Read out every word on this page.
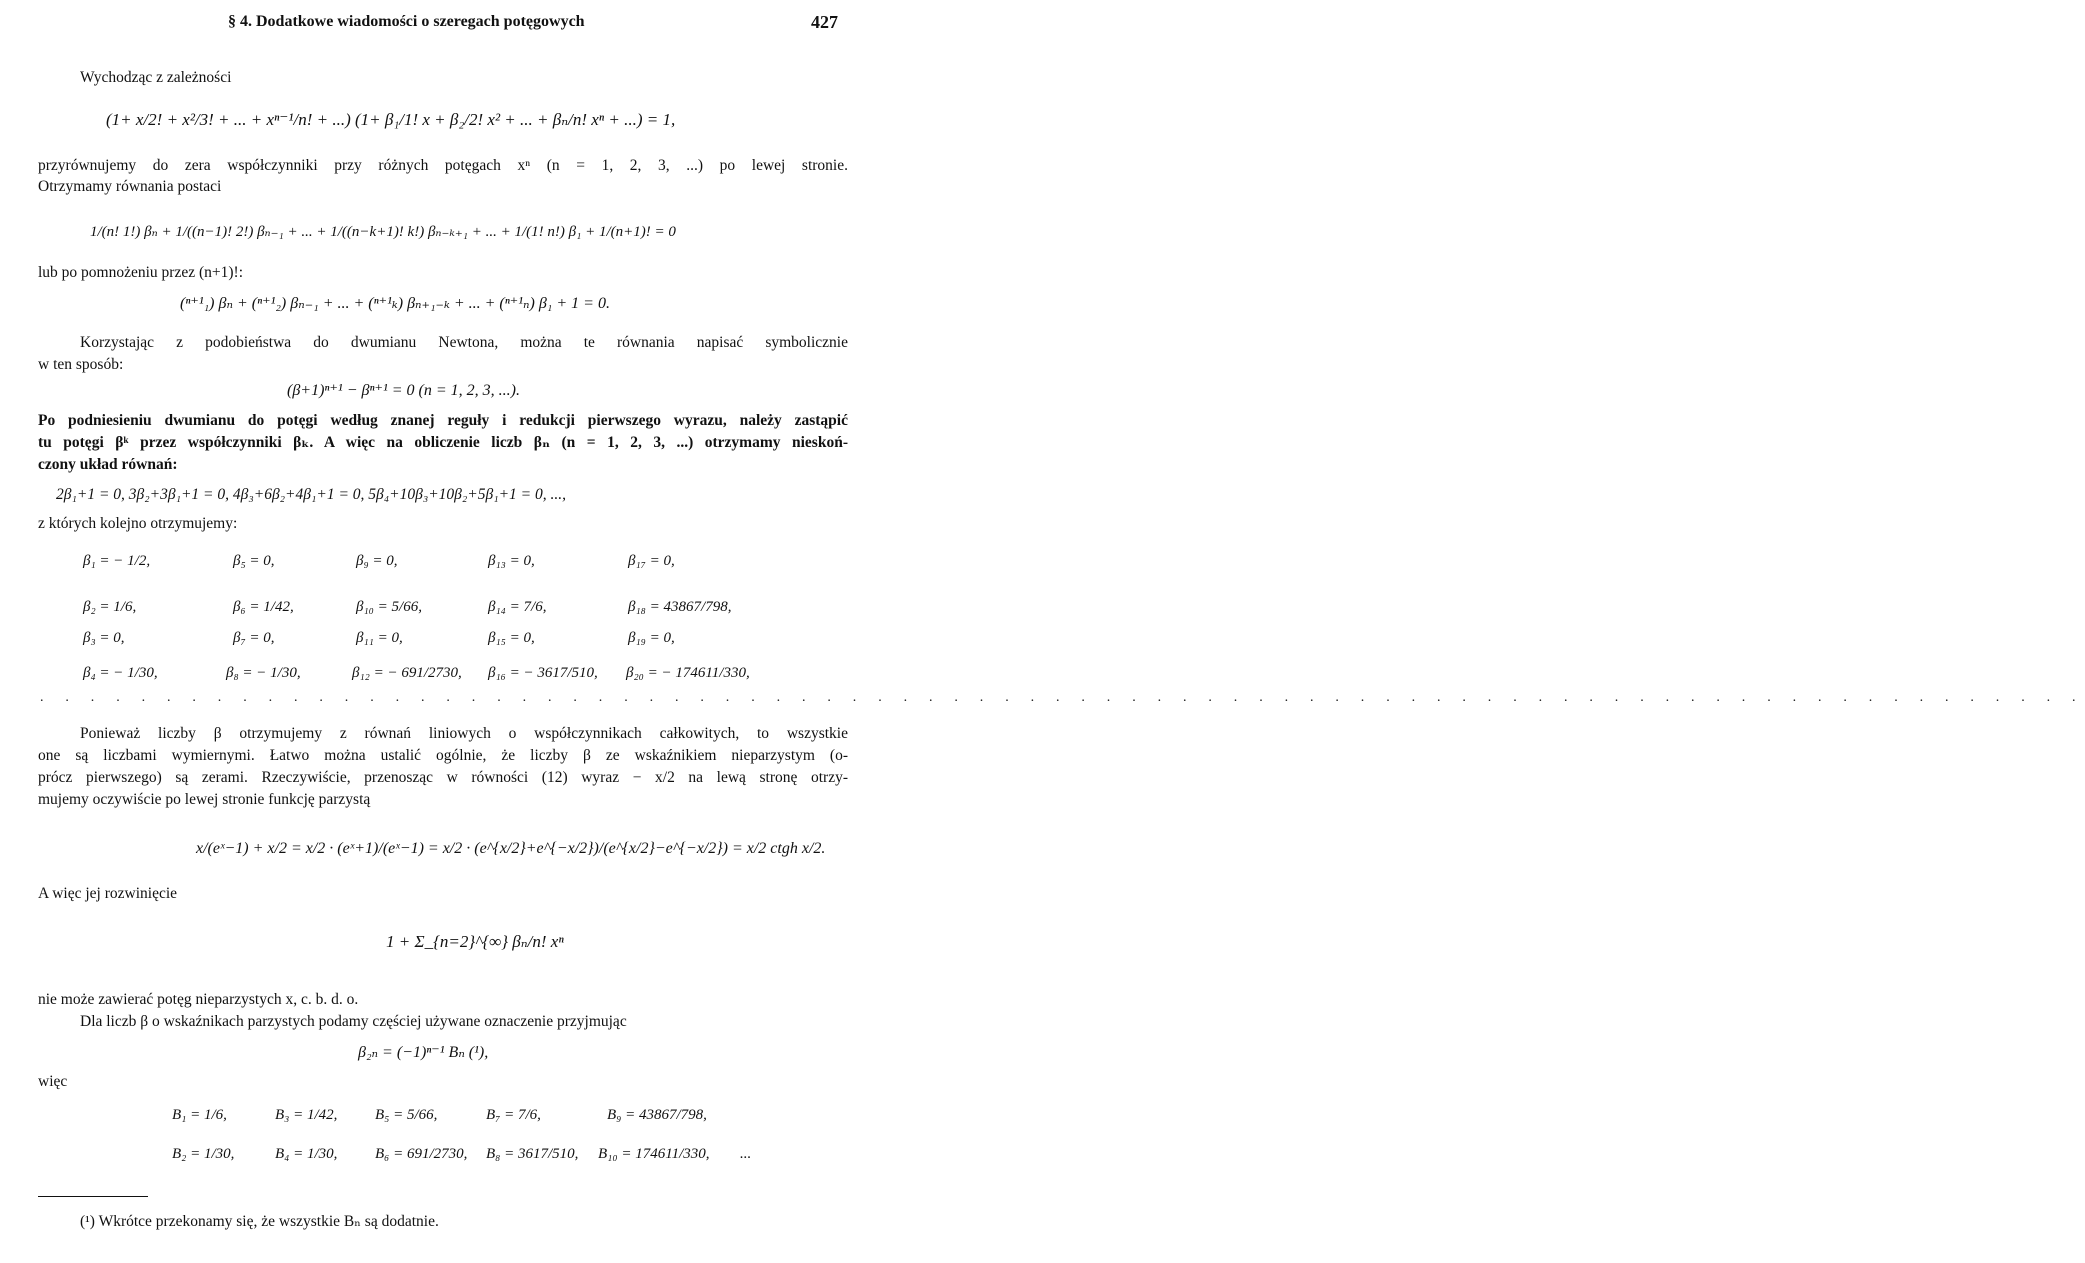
§ 4. Dodatkowe wiadomości o szeregach potęgowych	427
Wychodząc z zależności
(1+ x/2! + x²/3! + ... + xⁿ⁻¹/n! + ...) (1+ β₁/1! x + β₂/2! x² + ... + βₙ/n! xⁿ + ...) = 1,
przyrównujemy do zera współczynniki przy różnych potęgach xⁿ (n = 1, 2, 3, ...) po lewej stronie.
Otrzymamy równania postaci
1/(n! 1!) βₙ + 1/((n−1)! 2!) βₙ₋₁ + ... + 1/((n−k+1)! k!) βₙ₋ₖ₊₁ + ... + 1/(1! n!) β₁ + 1/(n+1)! = 0
lub po pomnożeniu przez (n+1)!:
(ⁿ⁺¹₁) βₙ + (ⁿ⁺¹₂) βₙ₋₁ + ... + (ⁿ⁺¹ₖ) βₙ₊₁₋ₖ + ... + (ⁿ⁺¹ₙ) β₁ + 1 = 0.
Korzystając z podobieństwa do dwumianu Newtona, można te równania napisać symbolicznie
w ten sposób:
(β+1)ⁿ⁺¹ − βⁿ⁺¹ = 0 (n = 1, 2, 3, ...).
Po podniesieniu dwumianu do potęgi według znanej reguły i redukcji pierwszego wyrazu, należy zastąpić
tu potęgi βᵏ przez współczynniki βₖ. A więc na obliczenie liczb βₙ (n = 1, 2, 3, ...) otrzymamy nieskoń-
czony układ równań:
2β₁+1 = 0, 3β₂+3β₁+1 = 0, 4β₃+6β₂+4β₁+1 = 0, 5β₄+10β₃+10β₂+5β₁+1 = 0, ...,
z których kolejno otrzymujemy:
β₁ = − 1/2,	β₅ = 0,	β₉ = 0,	β₁₃ = 0,	β₁₇ = 0,
β₂ = 1/6,	β₆ = 1/42,	β₁₀ = 5/66,	β₁₄ = 7/6,	β₁₈ = 43867/798,
β₃ = 0,	β₇ = 0,	β₁₁ = 0,	β₁₅ = 0,	β₁₉ = 0,
β₄ = − 1/30,	β₈ = − 1/30,	β₁₂ = − 691/2730, β₁₆ = − 3617/510, β₂₀ = − 174611/330,
. . . . . . . . . . . . . . . . . . . . . . . . . . . . . . . . . . . . . . . . . . . . . . . . . . . . . . . . . . . . . . . . . . . . . . . . . . . . . . . . .
Ponieważ liczby β otrzymujemy z równań liniowych o współczynnikach całkowitych, to wszystkie
one są liczbami wymiernymi. Łatwo można ustalić ogólnie, że liczby β ze wskaźnikiem nieparzystym (o-
prócz pierwszego) są zerami. Rzeczywiście, przenosząc w równości (12) wyraz − x/2 na lewą stronę otrzy-
mujemy oczywiście po lewej stronie funkcję parzystą
x/(eˣ−1) + x/2 = x/2 · (eˣ+1)/(eˣ−1) = x/2 · (e^{x/2}+e^{−x/2})/(e^{x/2}−e^{−x/2}) = x/2 ctgh x/2.
A więc jej rozwinięcie
1 + Σ_{n=2}^{∞} βₙ/n! xⁿ
nie może zawierać potęg nieparzystych x, c. b. d. o.
Dla liczb β o wskaźnikach parzystych podamy częściej używane oznaczenie przyjmując
β₂ₙ = (−1)ⁿ⁻¹ Bₙ (¹),
więc
B₁ = 1/6,	B₃ = 1/42,	B₅ = 5/66,	B₇ = 7/6,	B₉ = 43867/798,
B₂ = 1/30,	B₄ = 1/30,	B₆ = 691/2730, B₈ = 3617/510, B₁₀ = 174611/330, ...
(¹) Wkrótce przekonamy się, że wszystkie Bₙ są dodatnie.
